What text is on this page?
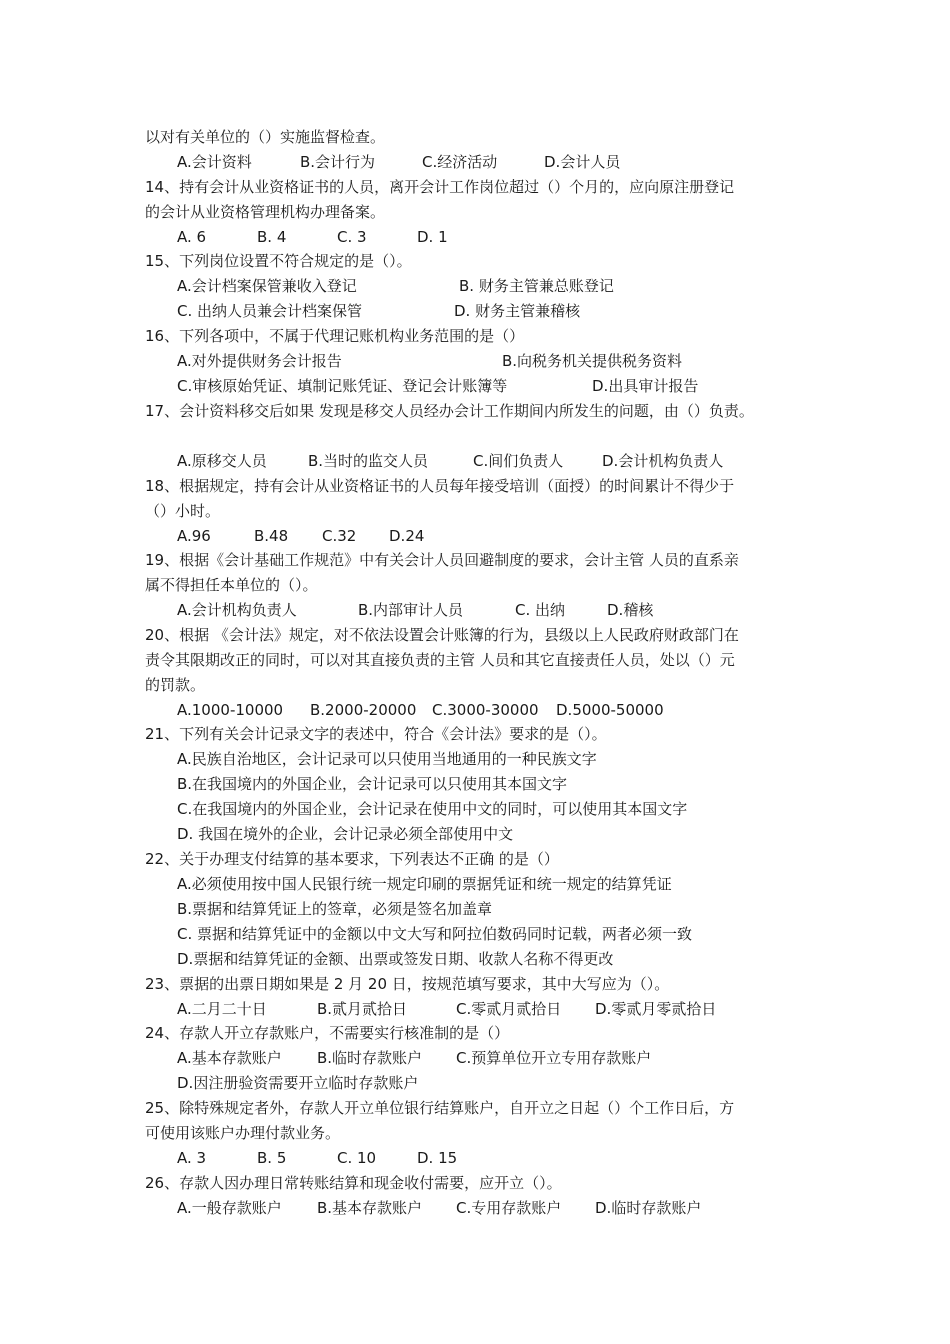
以对有关单位的（）实施监督检查。
A.会计资料	B.会计行为	C.经济活动	D.会计人员
14、持有会计从业资格证书的人员，离开会计工作岗位超过（）个月的，应向原注册登记
的会计从业资格管理机构办理备案。
A. 6	B. 4	C. 3	D. 1
15、下列岗位设置不符合规定的是（）。
A.会计档案保管兼收入登记	B. 财务主管兼总账登记
C. 出纳人员兼会计档案保管	D. 财务主管兼稽核
16、下列各项中，不属于代理记账机构业务范围的是（）
A.对外提供财务会计报告	B.向税务机关提供税务资料
C.审核原始凭证、填制记账凭证、登记会计账簿等	D.出具审计报告
17、会计资料移交后如果 发现是移交人员经办会计工作期间内所发生的问题，由（）负责。
A.原移交人员	B.当时的监交人员	C.间们负责人	D.会计机构负责人
18、根据规定，持有会计从业资格证书的人员每年接受培训（面授）的时间累计不得少于
（）小时。
A.96	B.48 C.32 D.24
19、根据《会计基础工作规范》中有关会计人员回避制度的要求，会计主管 人员的直系亲
属不得担任本单位的（）。
A.会计机构负责人	B.内部审计人员	C. 出纳	D.稽核
20、根据 《会计法》规定，对不依法设置会计账簿的行为，县级以上人民政府财政部门在
责令其限期改正的同时，可以对其直接负责的主管 人员和其它直接责任人员，处以（）元
的罚款。
A.1000-10000 B.2000-20000 C.3000-30000 D.5000-50000
21、下列有关会计记录文字的表述中，符合《会计法》要求的是（）。
A.民族自治地区，会计记录可以只使用当地通用的一种民族文字
B.在我国境内的外国企业，会计记录可以只使用其本国文字
C.在我国境内的外国企业，会计记录在使用中文的同时，可以使用其本国文字
D. 我国在境外的企业，会计记录必须全部使用中文
22、关于办理支付结算的基本要求，下列表达不正确 的是（）
A.必须使用按中国人民银行统一规定印刷的票据凭证和统一规定的结算凭证
B.票据和结算凭证上的签章，必须是签名加盖章
C. 票据和结算凭证中的金额以中文大写和阿拉伯数码同时记载，两者必须一致
D.票据和结算凭证的金额、出票或签发日期、收款人名称不得更改
23、票据的出票日期如果是 2 月 20 日，按规范填写要求，其中大写应为（）。
A.二月二十日	B.贰月贰拾日	C.零贰月贰拾日 D.零贰月零贰拾日
24、存款人开立存款账户，不需要实行核准制的是（）
A.基本存款账户 B.临时存款账户 C.预算单位开立专用存款账户
D.因注册验资需要开立临时存款账户
25、除特殊规定者外，存款人开立单位银行结算账户，自开立之日起（）个工作日后，方
可使用该账户办理付款业务。
A. 3	B. 5	C. 10	D. 15
26、存款人因办理日常转账结算和现金收付需要，应开立（）。
A.一般存款账户 B.基本存款账户 C.专用存款账户 D.临时存款账户
